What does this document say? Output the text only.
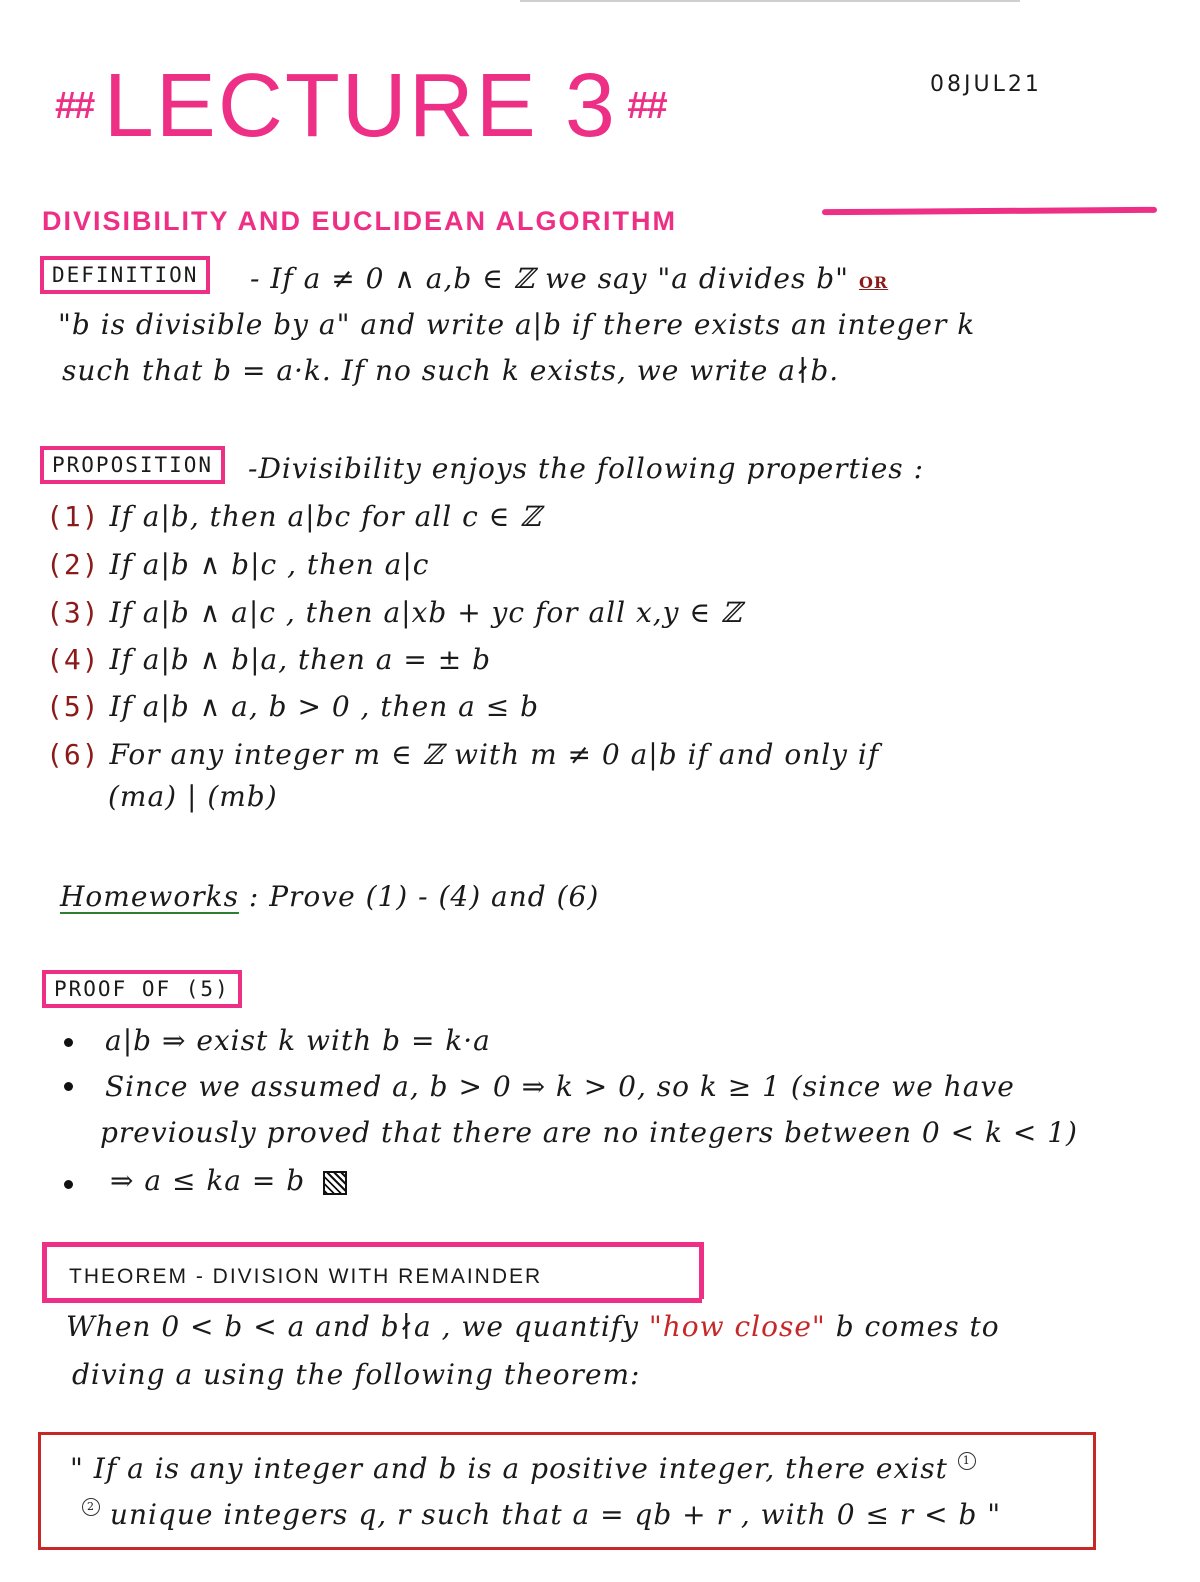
## LECTURE 3 ##
08JUL21
DIVISIBILITY AND EUCLIDEAN ALGORITHM
DEFINITION	- If a ≠ 0 ∧ a,b ∈ ℤ we say "a divides b" OR
"b is divisible by a" and write a|b if there exists an integer k
such that b = a·k. If no such k exists, we write a∤b.
PROPOSITION	-Divisibility enjoys the following properties :
(1) If a|b, then a|bc for all c ∈ ℤ
(2) If a|b ∧ b|c , then a|c
(3) If a|b ∧ a|c , then a|xb + yc for all x,y ∈ ℤ
(4) If a|b ∧ b|a, then a = ± b
(5) If a|b ∧ a, b > 0 , then a ≤ b
(6) For any integer m ∈ ℤ with m ≠ 0 a|b if and only if
(ma) | (mb)
Homeworks : Prove (1) - (4) and (6)
PROOF OF (5)
a|b ⇒ exist k with b = k·a
Since we assumed a, b > 0 ⇒ k > 0, so k ≥ 1 (since we have
previously proved that there are no integers between 0 < k < 1)
⇒ a ≤ ka = b
THEOREM - DIVISION WITH REMAINDER
When 0 < b < a and b∤a , we quantify "how close" b comes to
diving a using the following theorem:
" If a is any integer and b is a positive integer, there exist 1
2 unique integers q, r such that a = qb + r , with 0 ≤ r < b "
